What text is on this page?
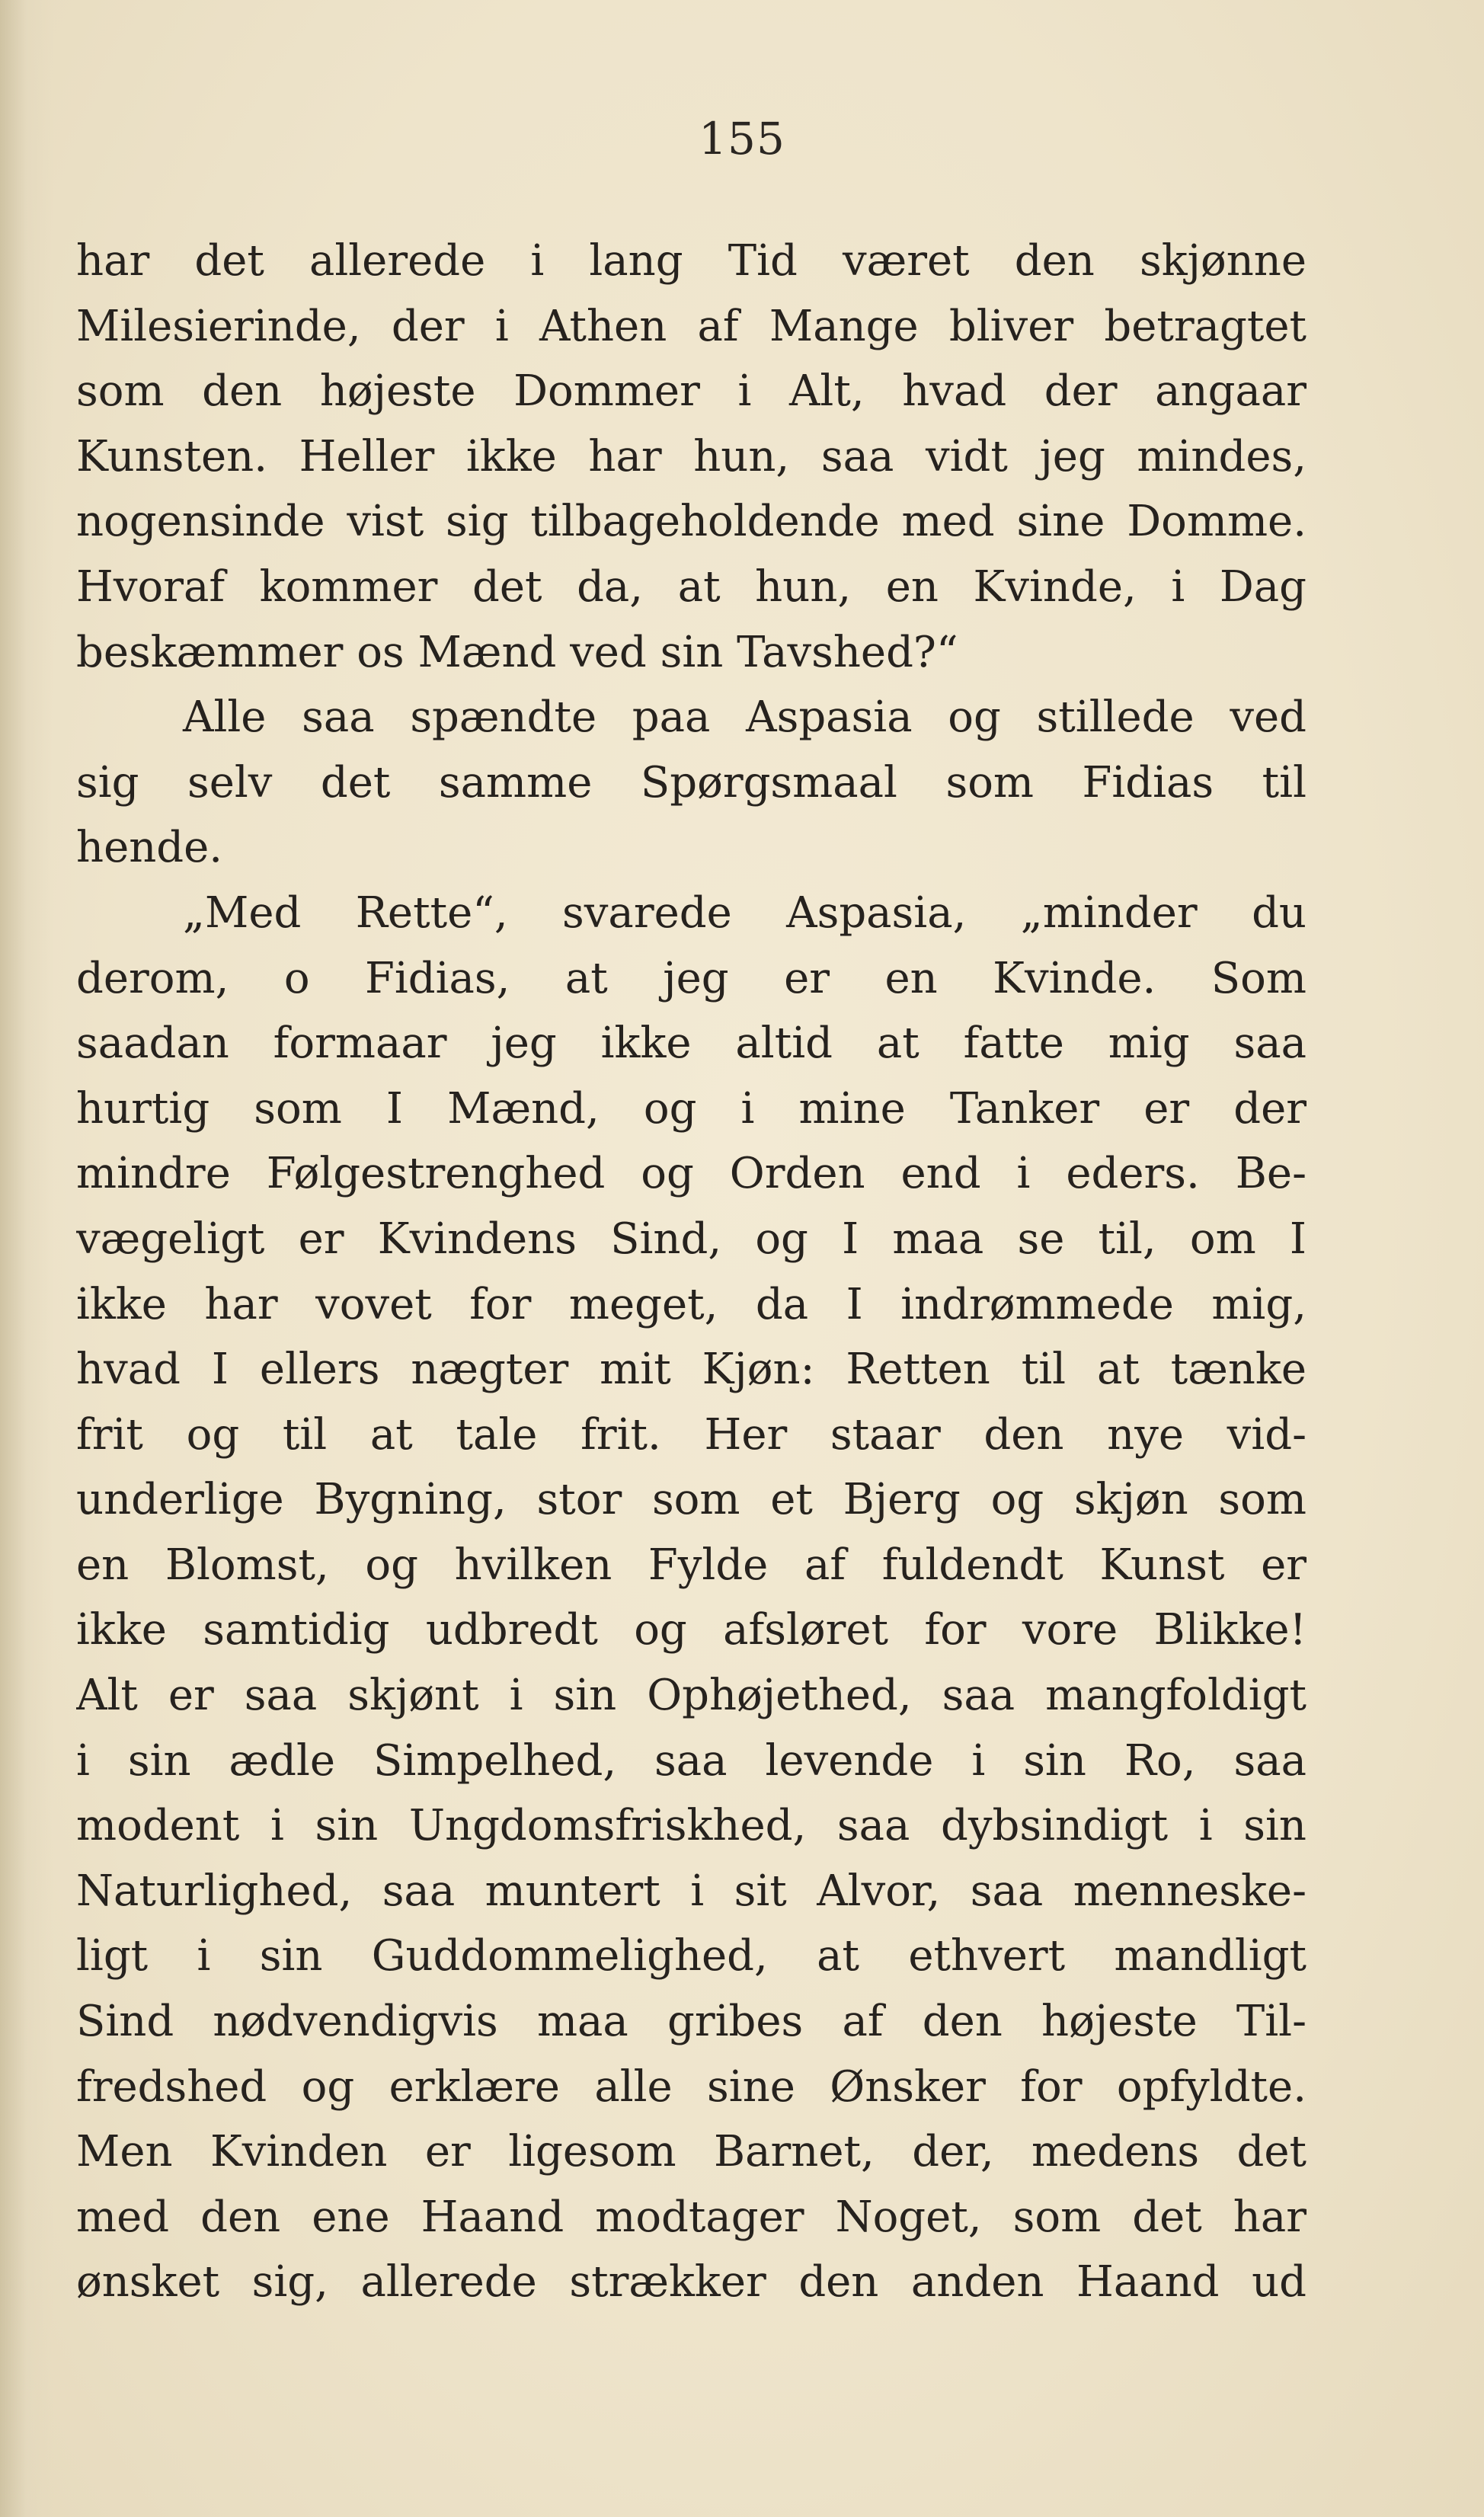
155
har det allerede i lang Tid været den skjønne
Milesierinde, der i Athen af Mange bliver betragtet
som den højeste Dommer i Alt, hvad der angaar
Kunsten. Heller ikke har hun, saa vidt jeg mindes,
nogensinde vist sig tilbageholdende med sine Domme.
Hvoraf kommer det da, at hun, en Kvinde, i Dag
beskæmmer os Mænd ved sin Tavshed?“
Alle saa spændte paa Aspasia og stillede ved
sig selv det samme Spørgsmaal som Fidias til
hende.
„Med Rette“, svarede Aspasia, „minder du
derom, o Fidias, at jeg er en Kvinde. Som
saadan formaar jeg ikke altid at fatte mig saa
hurtig som I Mænd, og i mine Tanker er der
mindre Følgestrenghed og Orden end i eders. Be-
vægeligt er Kvindens Sind, og I maa se til, om I
ikke har vovet for meget, da I indrømmede mig,
hvad I ellers nægter mit Kjøn: Retten til at tænke
frit og til at tale frit. Her staar den nye vid-
underlige Bygning, stor som et Bjerg og skjøn som
en Blomst, og hvilken Fylde af fuldendt Kunst er
ikke samtidig udbredt og afsløret for vore Blikke!
Alt er saa skjønt i sin Ophøjethed, saa mangfoldigt
i sin ædle Simpelhed, saa levende i sin Ro, saa
modent i sin Ungdomsfriskhed, saa dybsindigt i sin
Naturlighed, saa muntert i sit Alvor, saa menneske-
ligt i sin Guddommelighed, at ethvert mandligt
Sind nødvendigvis maa gribes af den højeste Til-
fredshed og erklære alle sine Ønsker for opfyldte.
Men Kvinden er ligesom Barnet, der, medens det
med den ene Haand modtager Noget, som det har
ønsket sig, allerede strækker den anden Haand ud
